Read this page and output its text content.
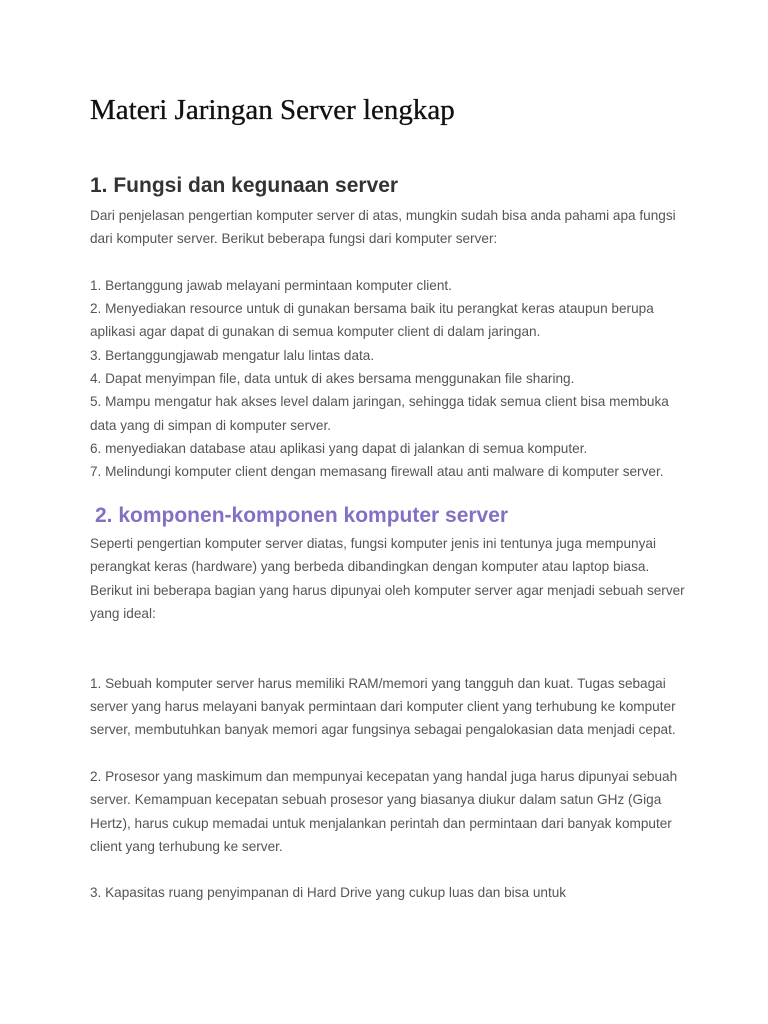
Materi Jaringan Server lengkap
1. Fungsi dan kegunaan server

Dari penjelasan pengertian komputer server di atas, mungkin sudah bisa anda pahami apa fungsi dari komputer server. Berikut beberapa fungsi dari komputer server:

1. Bertanggung jawab melayani permintaan komputer client.

2. Menyediakan resource untuk di gunakan bersama baik itu perangkat keras ataupun berupa aplikasi agar dapat di gunakan di semua komputer client di dalam jaringan.

3. Bertanggungjawab mengatur lalu lintas data.

4. Dapat menyimpan file, data untuk di akes bersama menggunakan file sharing.

5. Mampu mengatur hak akses level dalam jaringan, sehingga tidak semua client bisa membuka data yang di simpan di komputer server.

6. menyediakan database atau aplikasi yang dapat di jalankan di semua komputer.

7. Melindungi komputer client dengan memasang firewall atau anti malware di komputer server.

2. komponen-komponen komputer server

Seperti pengertian komputer server diatas, fungsi komputer jenis ini tentunya juga mempunyai perangkat keras (hardware) yang berbeda dibandingkan dengan komputer atau laptop biasa. Berikut ini beberapa bagian yang harus dipunyai oleh komputer server agar menjadi sebuah server yang ideal:

1. Sebuah komputer server harus memiliki RAM/memori yang tangguh dan kuat. Tugas sebagai server yang harus melayani banyak permintaan dari komputer client yang terhubung ke komputer server, membutuhkan banyak memori agar fungsinya sebagai pengalokasian data menjadi cepat.

2. Prosesor yang maskimum dan mempunyai kecepatan yang handal juga harus dipunyai sebuah server. Kemampuan kecepatan sebuah prosesor yang biasanya diukur dalam satun GHz (Giga Hertz), harus cukup memadai untuk menjalankan perintah dan permintaan dari banyak komputer client yang terhubung ke server.

3. Kapasitas ruang penyimpanan di Hard Drive yang cukup luas dan bisa untuk
